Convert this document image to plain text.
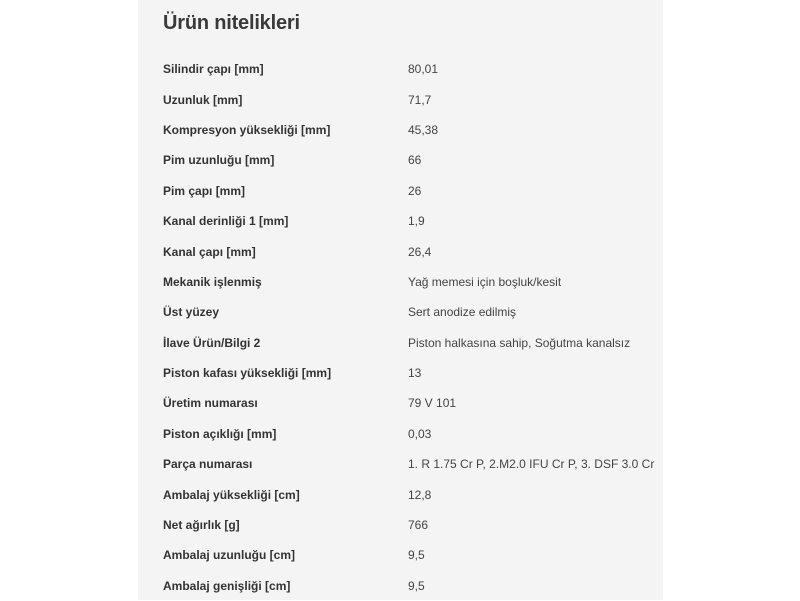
Ürün nitelikleri
Silindir çapı [mm]	80,01
Uzunluk [mm]	71,7
Kompresyon yüksekliği [mm]	45,38
Pim uzunluğu [mm]	66
Pim çapı [mm]	26
Kanal derinliği 1 [mm]	1,9
Kanal çapı [mm]	26,4
Mekanik işlenmiş	Yağ memesi için boşluk/kesit
Üst yüzey	Sert anodize edilmiş
İlave Ürün/Bilgi 2	Piston halkasına sahip, Soğutma kanalsız
Piston kafası yüksekliği [mm]	13
Üretim numarası	79 V 101
Piston açıklığı [mm]	0,03
Parça numarası	1. R 1.75 Cr P, 2.M2.0 IFU Cr P, 3. DSF 3.0 Cr
Ambalaj yüksekliği [cm]	12,8
Net ağırlık [g]	766
Ambalaj uzunluğu [cm]	9,5
Ambalaj genişliği [cm]	9,5
